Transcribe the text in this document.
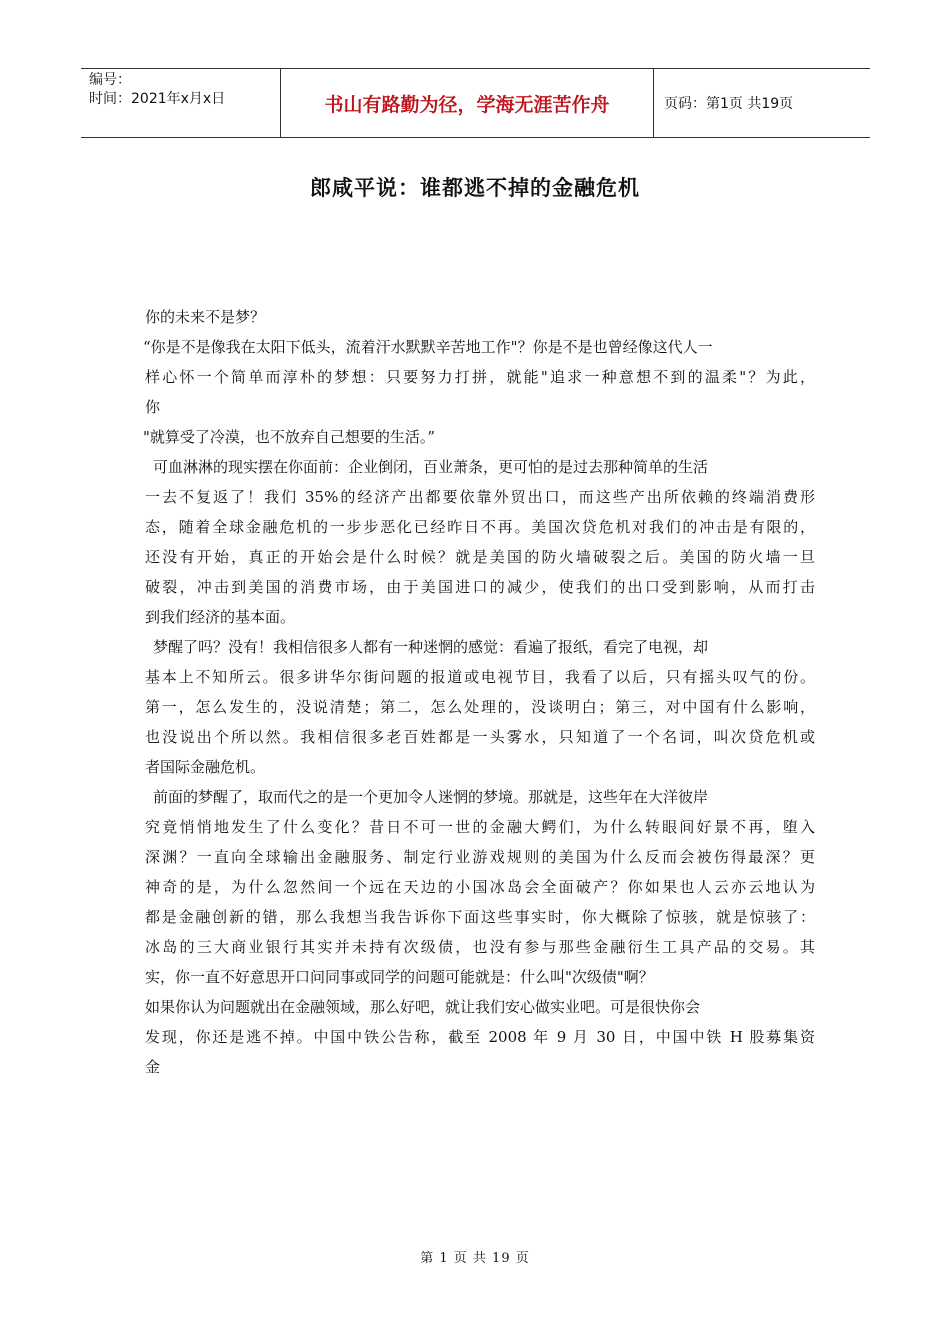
编号：
时间：2021年x月x日	书山有路勤为径，学海无涯苦作舟	页码：第1页 共19页
郎咸平说：谁都逃不掉的金融危机
你的未来不是梦？
“你是不是像我在太阳下低头，流着汗水默默辛苦地工作"？你是不是也曾经像这代人一
样心怀一个简单而淳朴的梦想：只要努力打拼，就能"追求一种意想不到的温柔"？为此，
你
"就算受了冷漠，也不放弃自己想要的生活。”
可血淋淋的现实摆在你面前：企业倒闭，百业萧条，更可怕的是过去那种简单的生活
一去不复返了！我们 35%的经济产出都要依靠外贸出口，而这些产出所依赖的终端消费形
态，随着全球金融危机的一步步恶化已经昨日不再。美国次贷危机对我们的冲击是有限的，
还没有开始，真正的开始会是什么时候？就是美国的防火墙破裂之后。美国的防火墙一旦
破裂，冲击到美国的消费市场，由于美国进口的减少，使我们的出口受到影响，从而打击
到我们经济的基本面。
梦醒了吗？没有！我相信很多人都有一种迷惘的感觉：看遍了报纸，看完了电视，却
基本上不知所云。很多讲华尔街问题的报道或电视节目，我看了以后，只有摇头叹气的份。
第一，怎么发生的，没说清楚；第二，怎么处理的，没谈明白；第三，对中国有什么影响，
也没说出个所以然。我相信很多老百姓都是一头雾水，只知道了一个名词，叫次贷危机或
者国际金融危机。
前面的梦醒了，取而代之的是一个更加令人迷惘的梦境。那就是，这些年在大洋彼岸
究竟悄悄地发生了什么变化？昔日不可一世的金融大鳄们，为什么转眼间好景不再，堕入
深渊？一直向全球输出金融服务、制定行业游戏规则的美国为什么反而会被伤得最深？更
神奇的是，为什么忽然间一个远在天边的小国冰岛会全面破产？你如果也人云亦云地认为
都是金融创新的错，那么我想当我告诉你下面这些事实时，你大概除了惊骇，就是惊骇了：
冰岛的三大商业银行其实并未持有次级债，也没有参与那些金融衍生工具产品的交易。其
实，你一直不好意思开口问同事或同学的问题可能就是：什么叫"次级债"啊？
如果你认为问题就出在金融领域，那么好吧，就让我们安心做实业吧。可是很快你会
发现，你还是逃不掉。中国中铁公告称，截至 2008 年 9 月 30 日，中国中铁 H 股募集资
金
第 1 页 共 19 页
